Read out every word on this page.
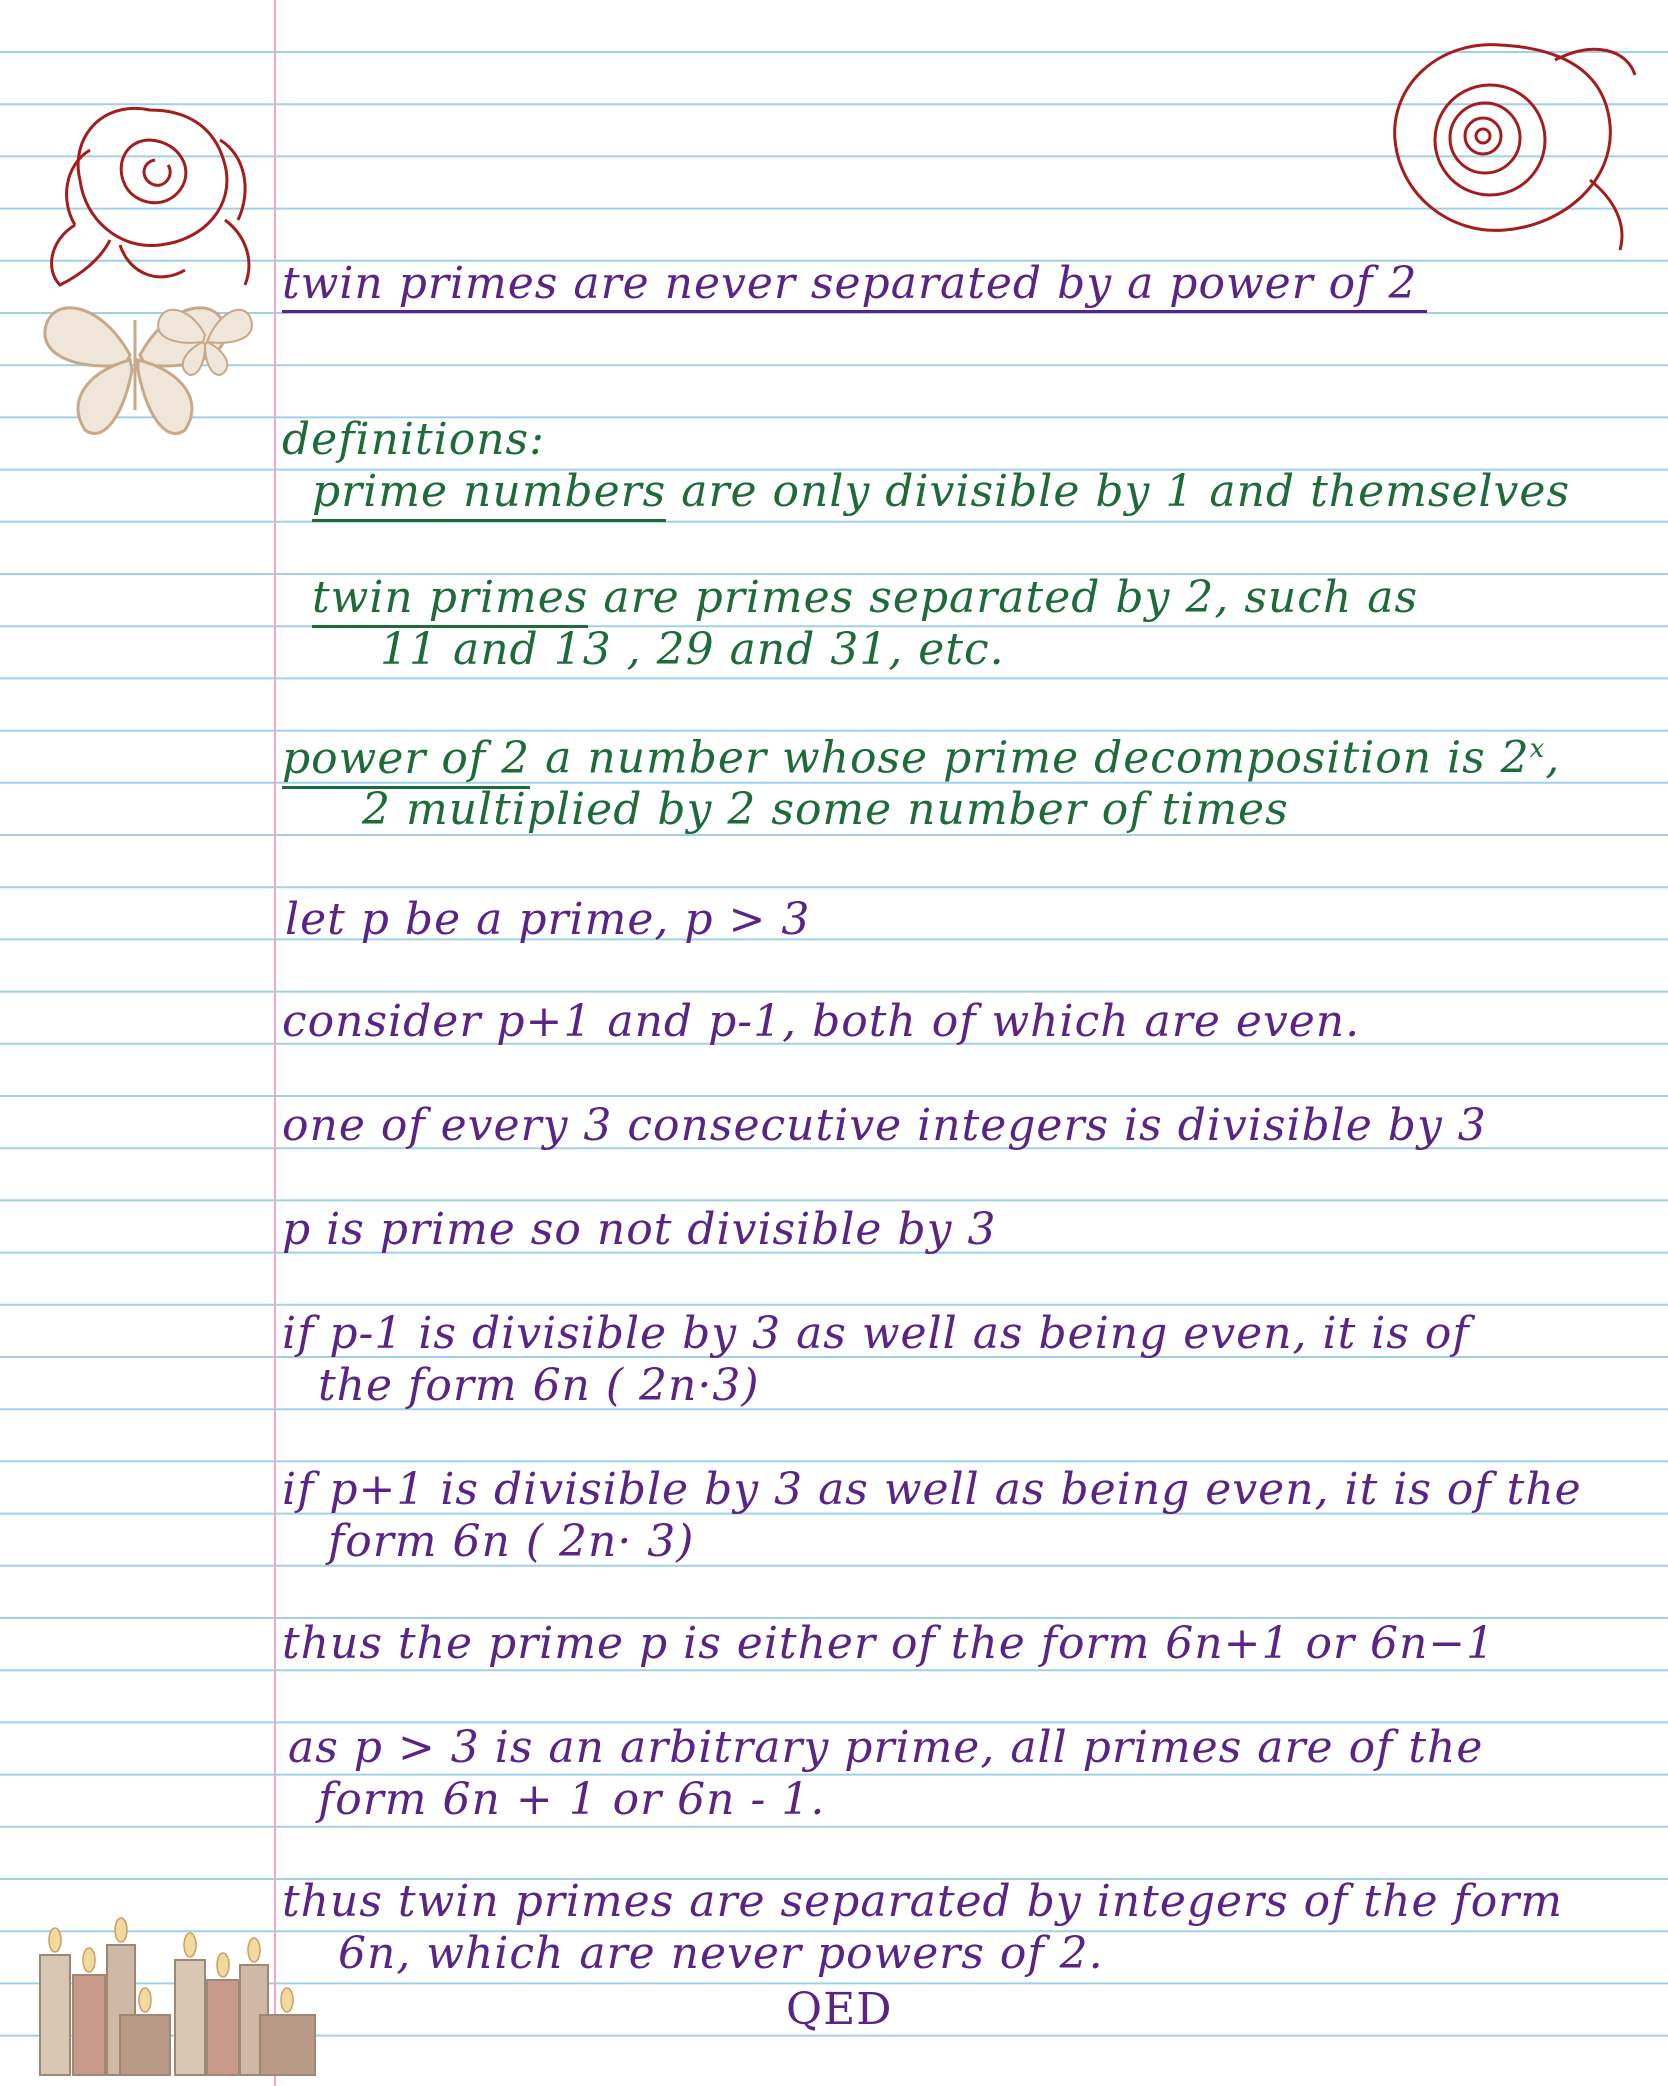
twin primes are never separated by a power of 2
definitions:
prime numbers are only divisible by 1 and themselves
twin primes are primes separated by 2, such as
11 and 13 , 29 and 31, etc.
power of 2 a number whose prime decomposition is 2$^x$,
2 multiplied by 2 some number of times
let p be a prime, p > 3
consider p+1 and p-1, both of which are even.
one of every 3 consecutive integers is divisible by 3
p is prime so not divisible by 3
if p-1 is divisible by 3 as well as being even, it is of
the form 6n ( 2n·3)
if p+1 is divisible by 3 as well as being even, it is of the
form 6n ( 2n· 3)
thus the prime p is either of the form 6n+1 or 6n−1
as p > 3 is an arbitrary prime, all primes are of the
form 6n + 1 or 6n - 1.
thus twin primes are separated by integers of the form
6n, which are never powers of 2.
QED
